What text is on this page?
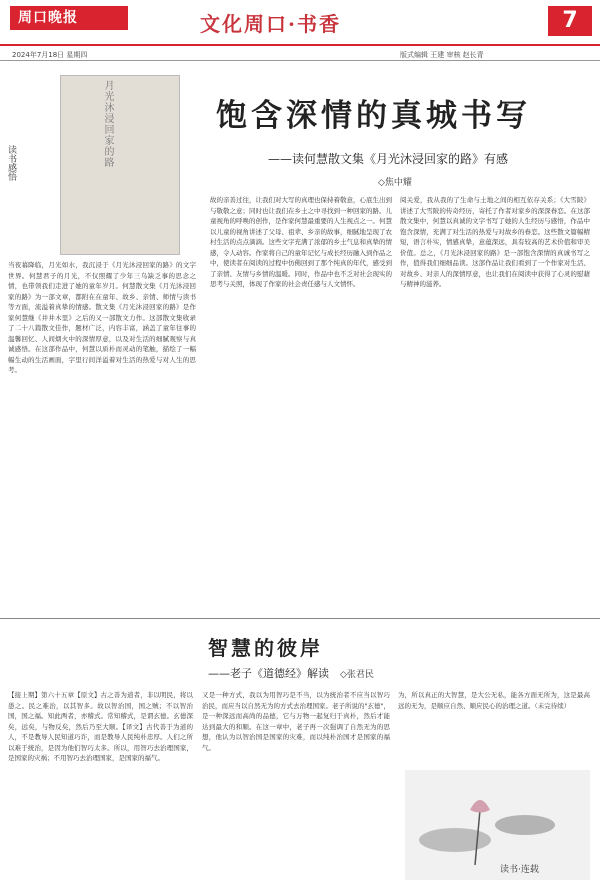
周口晚报	文化周口·书香	7
2024年7月18日 星期四	版式编辑 王建 审核 赵长青
读书感悟	月光沐浸回家的路	饱含深情的真城书写
——读何慧散文集《月光沐浸回家的路》有感
◇焦中耀
当夜幕降临，月光如水，我沉浸于《月光沐浸回家的路》的文字世界。何慧君子的月光，不仅照耀了少年三乌缺乏事的思念之情，也带领我们走进了她的童年岁月。何慧散文集《月光沐浸回家的路》为一部文章，都附在在童年、故乡、亲情、师情与读书等方面，流溢着真挚的情感。散文集《月光沐浸回家的路》是作家何慧继《井井木里》之后的又一部散文力作。这部散文集收录了二十八篇散文佳作，题材广泛，内容丰富，涵盖了童年往事的温馨回忆、人间烟火中的深情厚意，以及对生活的细腻观察与真诚感悟。在这部作品中，何慧以质朴而灵动的笔触，描绘了一幅幅生动的生活画面，字里行间洋溢着对生活的热爱与对人生的思考。
故的亲善过往，让我们对大写的真理也保持着敬意，心底生出到与敬敬之意；同时也让我们在乡土之中寻找到一种回家的路。儿童视角的呼唤的创作，是作家何慧最重要的人生视点之一。何慧以儿童的视角讲述了父母、祖辈、乡亲的故事，细腻地呈现了农村生活的点点滴滴。这些文字充满了浓郁的乡土气息和真挚的情感，令人动容。作家将自己的童年记忆与成长经历融入到作品之中，使读者在阅读的过程中仿佛回到了那个纯真的年代，感受到了亲情、友情与乡情的温暖。同时，作品中也不乏对社会现实的思考与关照，体现了作家的社会责任感与人文情怀。
阅关爱，我从我的了生命与土地之间的相互依存关系；《大雪陂》讲述了大雪陂的传奇经历，寄托了作者对家乡的深深眷恋。在这部散文集中，何慧以真诚的文字书写了她的人生经历与感悟，作品中饱含深情，充满了对生活的热爱与对故乡的眷恋。这些散文篇幅精短，语言朴实，情感真挚，意蕴深远，具有较高的艺术价值和审美价值。总之，《月光沐浸回家的路》是一部饱含深情的真诚书写之作，值得我们细细品读。这部作品让我们看到了一个作家对生活、对故乡、对亲人的深情厚意，也让我们在阅读中获得了心灵的慰藉与精神的滋养。
智慧的彼岸
——老子《道德经》解读 ◇张君民
【接上期】第六十五章【原文】古之善为道者，非以明民，将以愚之。民之难治，以其智多。故以智治国，国之贼；不以智治国，国之福。知此两者，亦稽式。常知稽式，是谓玄德。玄德深矣，远矣，与物反矣，然后乃至大顺。【译文】古代善于为道的人，不是教导人民知道巧诈，而是教导人民纯朴忠厚。人们之所以难于统治，是因为他们智巧太多。所以，用智巧去治理国家，是国家的灾祸；不用智巧去治理国家，是国家的福气。
又是一种方式，我以为用智巧是不当，以为统治者不应当以智巧治民，而应当以自然无为的方式去治理国家。老子所说的"玄德"，是一种深远而高尚的品德，它与万物一起复归于真朴，然后才能达到最大的和顺。在这一章中，老子再一次强调了自然无为的思想，他认为以智治国是国家的灾难，而以纯朴治国才是国家的福气。
为，所以真正的大智慧，是大公无私，能各方面无所为，这是最高远的无为，是顺应自然、顺应民心的治理之道。（未完待续）
读书·连载
